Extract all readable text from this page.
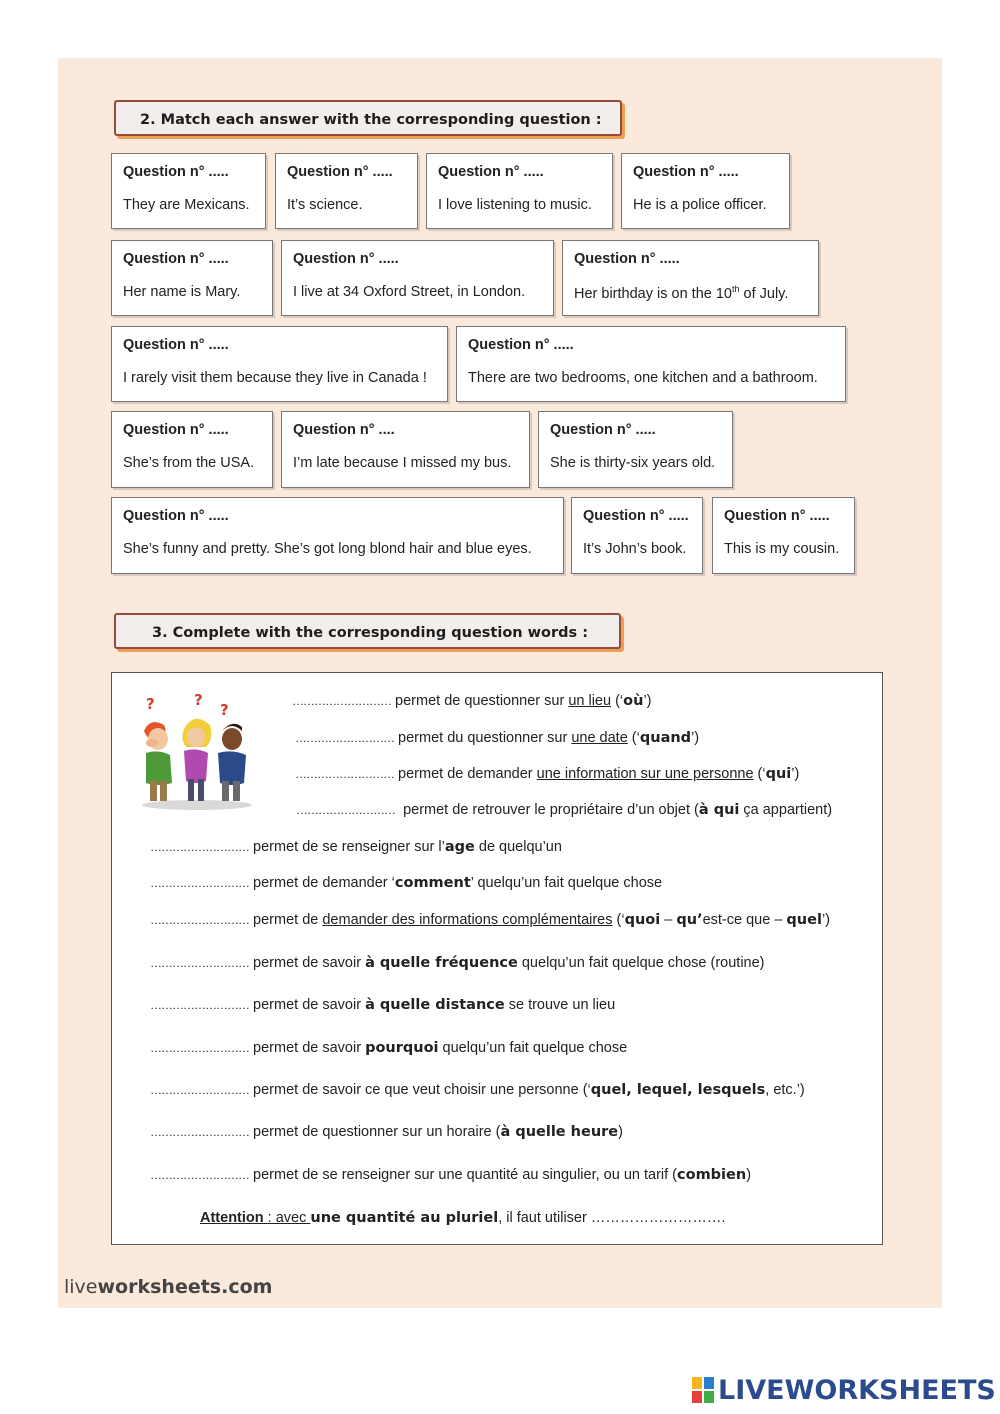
2. Match each answer with the corresponding question :
Question n° .....
They are Mexicans.
Question n° .....
It’s science.
Question n° .....
I love listening to music.
Question n° .....
He is a police officer.
Question n° .....
Her name is Mary.
Question n° .....
I live at 34 Oxford Street, in London.
Question n° .....
Her birthday is on the 10th of July.
Question n° .....
I rarely visit them because they live in Canada !
Question n° .....
There are two bedrooms, one kitchen and a bathroom.
Question n° .....
She’s from the USA.
Question n° ....
I’m late because I missed my bus.
Question n° .....
She is thirty-six years old.
Question n° .....
She’s funny and pretty. She’s got long blond hair and blue eyes.
Question n° .....
It’s John’s book.
Question n° .....
This is my cousin.
3. Complete with the corresponding question words :
?	?
?	……………………… permet de questionner sur un lieu (‘où’)
……………………… permet du questionner sur une date (‘quand’)
……………………… permet de demander une information sur une personne (‘qui’)
……………………… permet de retrouver le propriétaire d’un objet (à qui ça appartient)
……………………… permet de se renseigner sur l’age de quelqu’un
……………………… permet de demander ‘comment’ quelqu’un fait quelque chose
……………………… permet de demander des informations complémentaires (‘quoi – qu’est-ce que – quel’)
……………………… permet de savoir à quelle fréquence quelqu’un fait quelque chose (routine)
……………………… permet de savoir à quelle distance se trouve un lieu
……………………… permet de savoir pourquoi quelqu’un fait quelque chose
……………………… permet de savoir ce que veut choisir une personne (‘quel, lequel, lesquels, etc.’)
……………………… permet de questionner sur un horaire (à quelle heure)
……………………… permet de se renseigner sur une quantité au singulier, ou un tarif (combien)
Attention : avec une quantité au pluriel, il faut utiliser ……………………….
liveworksheets.com
LIVEWORKSHEETS
